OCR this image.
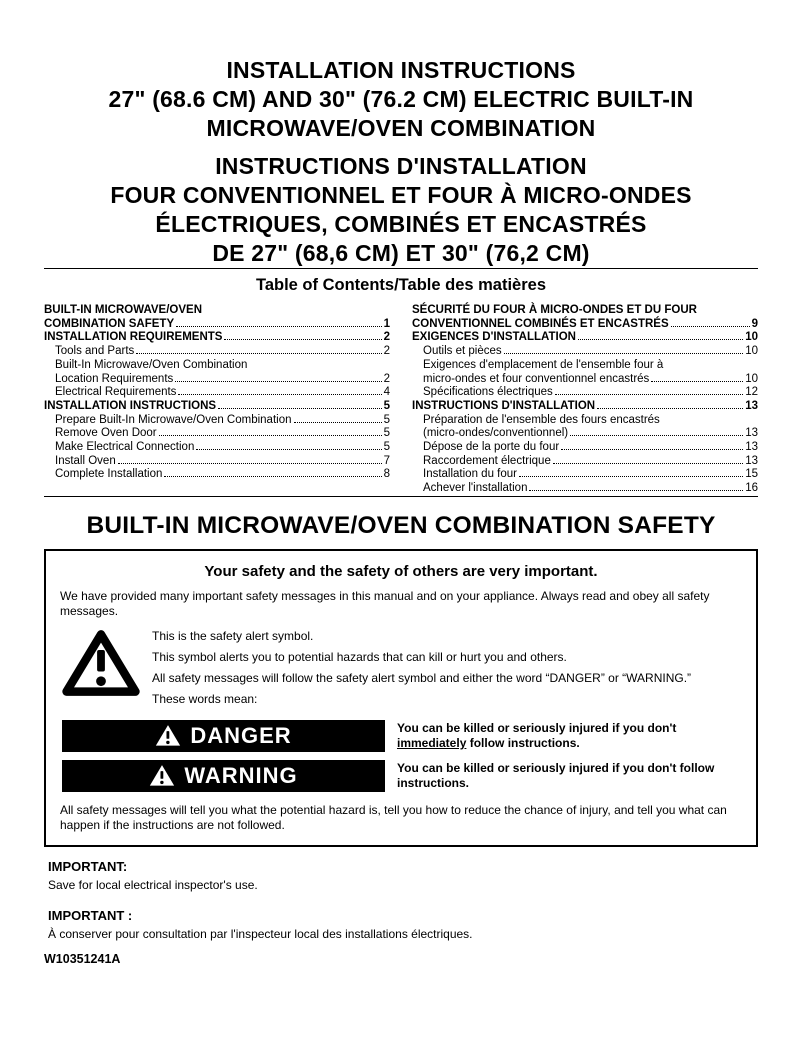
INSTALLATION INSTRUCTIONS
27" (68.6 CM) AND 30" (76.2 CM) ELECTRIC BUILT-IN
MICROWAVE/OVEN COMBINATION
INSTRUCTIONS D'INSTALLATION
FOUR CONVENTIONNEL ET FOUR À MICRO-ONDES
ÉLECTRIQUES, COMBINÉS ET ENCASTRÉS
DE 27" (68,6 CM) ET 30" (76,2 CM)
Table of Contents/Table des matières
BUILT-IN MICROWAVE/OVEN
COMBINATION SAFETY	1
INSTALLATION REQUIREMENTS	2
Tools and Parts	2
Built-In Microwave/Oven Combination
Location Requirements	2
Electrical Requirements	4
INSTALLATION INSTRUCTIONS	5
Prepare Built-In Microwave/Oven Combination	5
Remove Oven Door	5
Make Electrical Connection	5
Install Oven	7
Complete Installation	8
SÉCURITÉ DU FOUR À MICRO-ONDES ET DU FOUR
CONVENTIONNEL COMBINÉS ET ENCASTRÉS	9
EXIGENCES D'INSTALLATION	10
Outils et pièces	10
Exigences d'emplacement de l'ensemble four à
micro-ondes et four conventionnel encastrés	10
Spécifications électriques	12
INSTRUCTIONS D'INSTALLATION	13
Préparation de l'ensemble des fours encastrés
(micro-ondes/conventionnel)	13
Dépose de la porte du four	13
Raccordement électrique	13
Installation du four	15
Achever l'installation	16
BUILT-IN MICROWAVE/OVEN COMBINATION SAFETY
Your safety and the safety of others are very important.
We have provided many important safety messages in this manual and on your appliance. Always read and obey all safety messages.
This is the safety alert symbol.
This symbol alerts you to potential hazards that can kill or hurt you and others.
All safety messages will follow the safety alert symbol and either the word “DANGER” or “WARNING.”
These words mean:
DANGER	You can be killed or seriously injured if you don't immediately follow instructions.
WARNING	You can be killed or seriously injured if you don't follow instructions.
All safety messages will tell you what the potential hazard is, tell you how to reduce the chance of injury, and tell you what can happen if the instructions are not followed.
IMPORTANT:
Save for local electrical inspector's use.
IMPORTANT :
À conserver pour consultation par l'inspecteur local des installations électriques.
W10351241A
